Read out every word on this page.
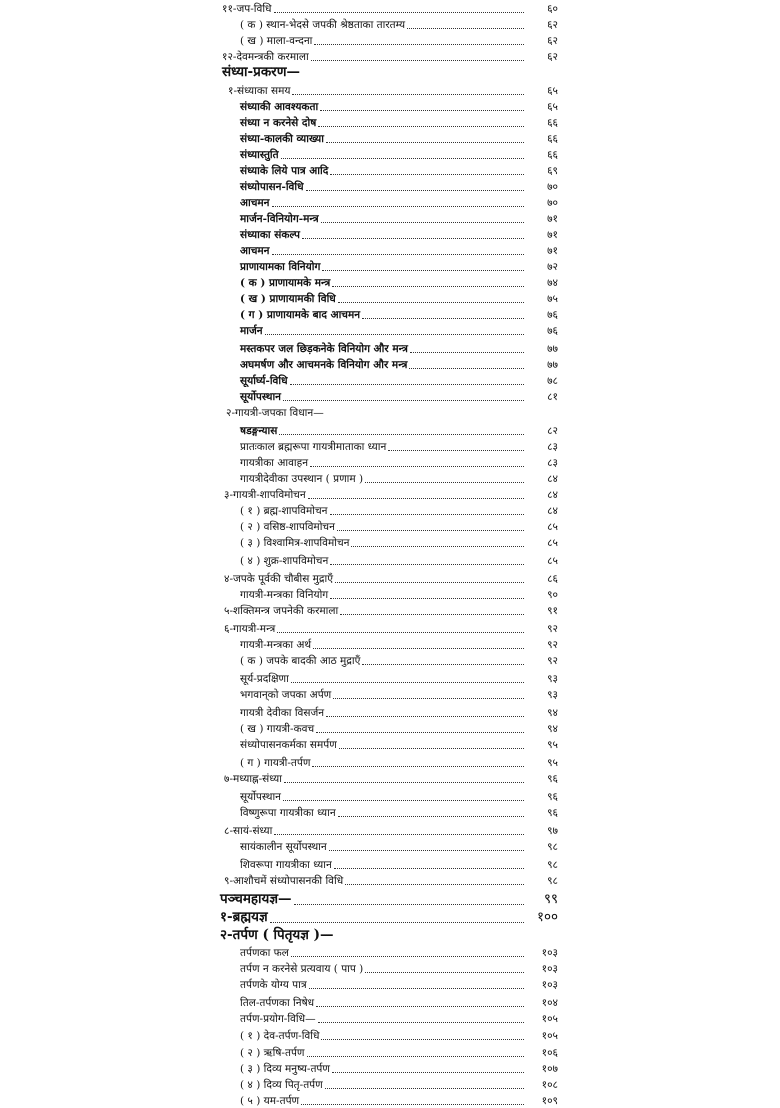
११-जप-विधि	६०
( क ) स्थान-भेदसे जपकी श्रेष्ठताका तारतम्य	६२
( ख ) माला-वन्दना	६२
१२-देवमन्त्रकी करमाला	६२
संध्या-प्रकरण—
१-संध्याका समय	६५
संध्याकी आवश्यकता	६५
संध्या न करनेसे दोष	६६
संध्या-कालकी व्याख्या	६६
संध्यास्तुति	६६
संध्याके लिये पात्र आदि	६९
संध्योपासन-विधि	७०
आचमन	७०
मार्जन-विनियोग-मन्त्र	७१
संध्याका संकल्प	७१
आचमन	७१
प्राणायामका विनियोग	७२
( क ) प्राणायामके मन्त्र	७४
( ख ) प्राणायामकी विधि	७५
( ग ) प्राणायामके बाद आचमन	७६
मार्जन	७६
मस्तकपर जल छिड़कनेके विनियोग और मन्त्र	७७
अघमर्षण और आचमनके विनियोग और मन्त्र	७७
सूर्यार्घ्य-विधि	७८
सूर्योपस्थान	८१
२-गायत्री-जपका विधान—
षडङ्गन्यास	८२
प्रातःकाल ब्रह्मरूपा गायत्रीमाताका ध्यान	८३
गायत्रीका आवाहन	८३
गायत्रीदेवीका उपस्थान ( प्रणाम )	८४
३-गायत्री-शापविमोचन	८४
( १ ) ब्रह्म-शापविमोचन	८४
( २ ) वसिष्ठ-शापविमोचन	८५
( ३ ) विश्वामित्र-शापविमोचन	८५
( ४ ) शुक्र-शापविमोचन	८५
४-जपके पूर्वकी चौबीस मुद्राएँ	८६
गायत्री-मन्त्रका विनियोग	९०
५-शक्तिमन्त्र जपनेकी करमाला	९१
६-गायत्री-मन्त्र	९२
गायत्री-मन्त्रका अर्थ	९२
( क ) जपके बादकी आठ मुद्राएँ	९२
सूर्य-प्रदक्षिणा	९३
भगवान्‌को जपका अर्पण	९३
गायत्री देवीका विसर्जन	९४
( ख ) गायत्री-कवच	९४
संध्योपासनकर्मका समर्पण	९५
( ग ) गायत्री-तर्पण	९५
७-मध्याह्न-संध्या	९६
सूर्योपस्थान	९६
विष्णुरूपा गायत्रीका ध्यान	९६
८-सायं-संध्या	९७
सायंकालीन सूर्योपस्थान	९८
शिवरूपा गायत्रीका ध्यान	९८
९-आशौचमें संध्योपासनकी विधि	९८
पञ्चमहायज्ञ—	९९
१-ब्रह्मयज्ञ	१००
२-तर्पण ( पितृयज्ञ )—
तर्पणका फल	१०३
तर्पण न करनेसे प्रत्यवाय ( पाप )	१०३
तर्पणके योग्य पात्र	१०३
तिल-तर्पणका निषेध	१०४
तर्पण-प्रयोग-विधि—	१०५
( १ ) देव-तर्पण-विधि	१०५
( २ ) ऋषि-तर्पण	१०६
( ३ ) दिव्य मनुष्य-तर्पण	१०७
( ४ ) दिव्य पितृ-तर्पण	१०८
( ५ ) यम-तर्पण	१०९
